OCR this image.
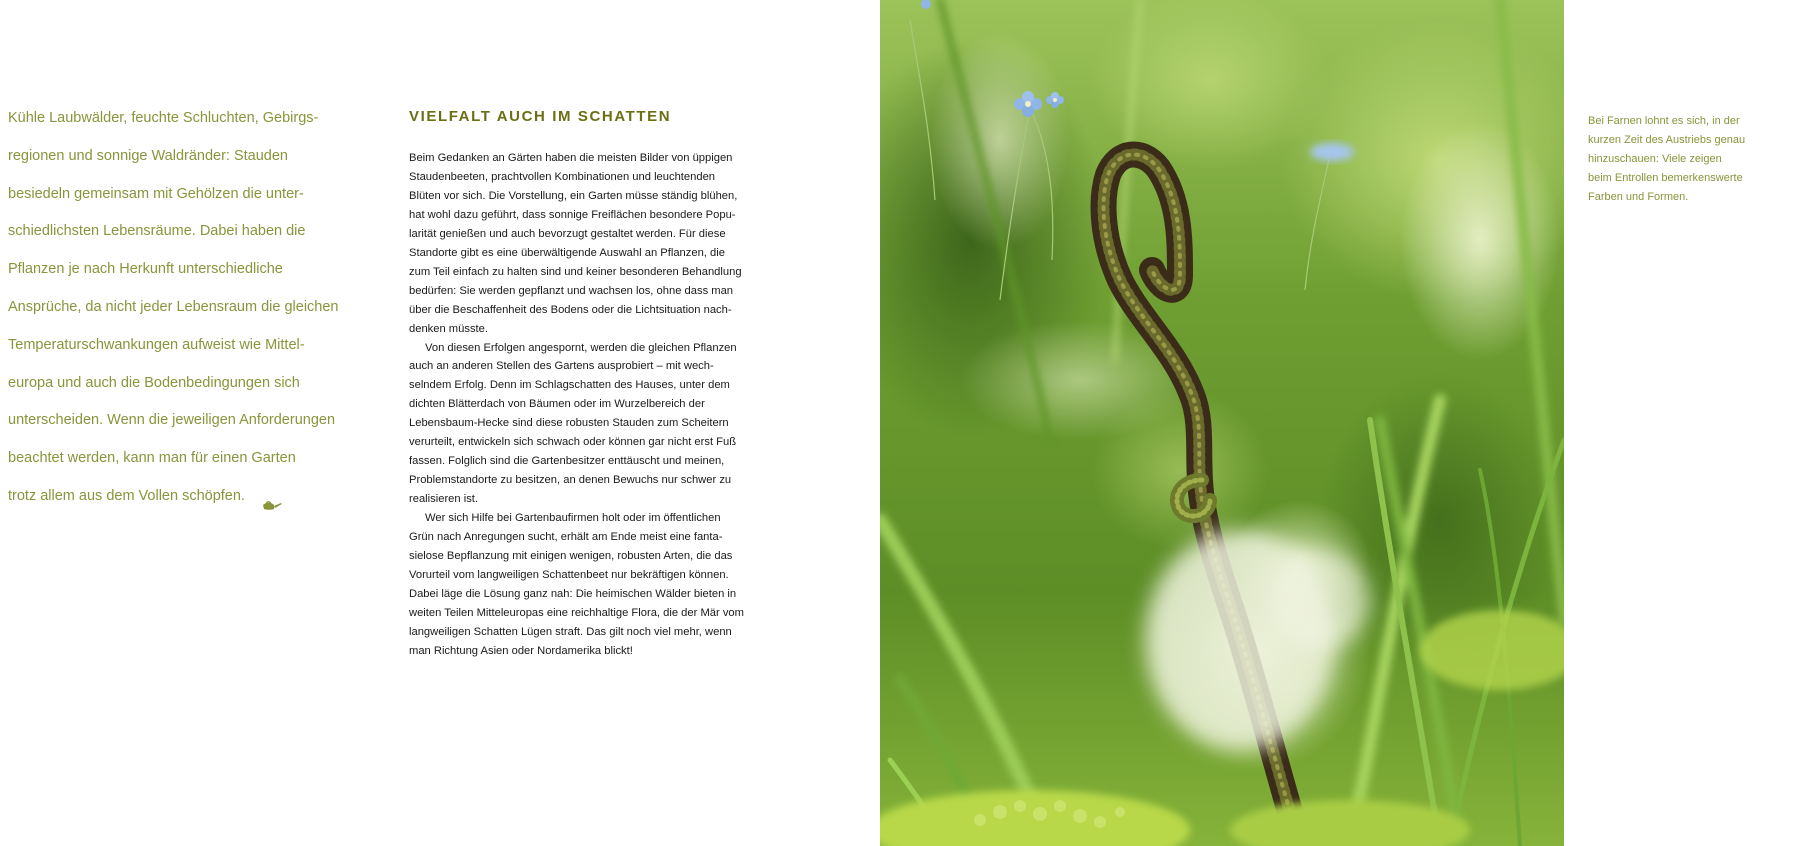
Kühle Laubwälder, feuchte Schluchten, Gebirgs-
regionen und sonnige Waldränder: Stauden
besiedeln gemeinsam mit Gehölzen die unter-
schiedlichsten Lebensräume. Dabei haben die
Pflanzen je nach Herkunft unterschiedliche
Ansprüche, da nicht jeder Lebensraum die gleichen
Temperaturschwankungen aufweist wie Mittel-
europa und auch die Bodenbedingungen sich
unterscheiden. Wenn die jeweiligen Anforderungen
beachtet werden, kann man für einen Garten
trotz allem aus dem Vollen schöpfen.
VIELFALT AUCH IM SCHATTEN
Beim Gedanken an Gärten haben die meisten Bilder von üppigen
Staudenbeeten, prachtvollen Kombinationen und leuchtenden
Blüten vor sich. Die Vorstellung, ein Garten müsse ständig blühen,
hat wohl dazu geführt, dass sonnige Freiflächen besondere Popu-
larität genießen und auch bevorzugt gestaltet werden. Für diese
Standorte gibt es eine überwältigende Auswahl an Pflanzen, die
zum Teil einfach zu halten sind und keiner besonderen Behandlung
bedürfen: Sie werden gepflanzt und wachsen los, ohne dass man
über die Beschaffenheit des Bodens oder die Lichtsituation nach-
denken müsste.
Von diesen Erfolgen angespornt, werden die gleichen Pflanzen
auch an anderen Stellen des Gartens ausprobiert – mit wech-
selndem Erfolg. Denn im Schlagschatten des Hauses, unter dem
dichten Blätterdach von Bäumen oder im Wurzelbereich der
Lebensbaum-Hecke sind diese robusten Stauden zum Scheitern
verurteilt, entwickeln sich schwach oder können gar nicht erst Fuß
fassen. Folglich sind die Gartenbesitzer enttäuscht und meinen,
Problemstandorte zu besitzen, an denen Bewuchs nur schwer zu
realisieren ist.
Wer sich Hilfe bei Gartenbaufirmen holt oder im öffentlichen
Grün nach Anregungen sucht, erhält am Ende meist eine fanta-
sielose Bepflanzung mit einigen wenigen, robusten Arten, die das
Vorurteil vom langweiligen Schattenbeet nur bekräftigen können.
Dabei läge die Lösung ganz nah: Die heimischen Wälder bieten in
weiten Teilen Mitteleuropas eine reichhaltige Flora, die der Mär vom
langweiligen Schatten Lügen straft. Das gilt noch viel mehr, wenn
man Richtung Asien oder Nordamerika blickt!
Bei Farnen lohnt es sich, in der
kurzen Zeit des Austriebs genau
hinzuschauen: Viele zeigen
beim Entrollen bemerkenswerte
Farben und Formen.
